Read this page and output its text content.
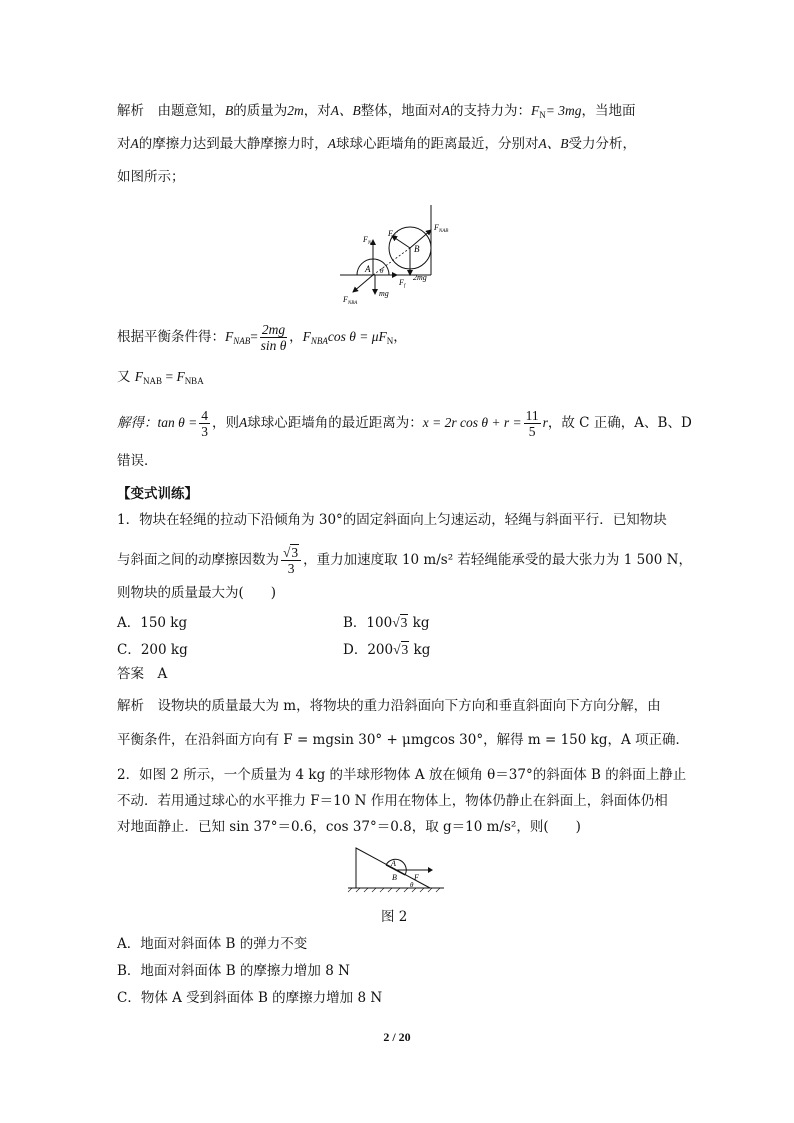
解析　由题意知，B的质量为2m，对A、B整体，地面对A的支持力为：$F_N= 3mg$，当地面
对A的摩擦力达到最大静摩擦力时，A球球心距墙角的距离最近，分别对A、B受力分析，
如图所示；
$F_N$
$F_N'$
$F_{NAB}$
$F_{NBA}$
A
B
θ
2mg
mg
$F_f$
根据平衡条件得：$F_{NAB}= \frac{2mg}{\text{sin θ}}$ ，$F_{NBA}\cos$ $\theta = \mu F_N$，
又 $F_{NAB} = F_{NBA}$
解得：$\tan \theta = \frac{4}{3}$ ，则A球球心距墙角的最近距离为：x = 2r $\cos \theta + r = \frac{11}{5}$ r，故 C 正确，A、B、D
错误．
【变式训练】
1．物块在轻绳的拉动下沿倾角为 30°的固定斜面向上匀速运动，轻绳与斜面平行．已知物块
与斜面之间的动摩擦因数为 $\frac{√3}{3}$ ，重力加速度取 10 m/s² 若轻绳能承受的最大张力为 1 500 N，
则物块的质量最大为(　　)
A．150 kg	B．100√3 kg
C．200 kg	D．200√3 kg
答案　A
解析　设物块的质量最大为 m，将物块的重力沿斜面向下方向和垂直斜面向下方向分解，由
平衡条件，在沿斜面方向有 F = mgsin 30° + μmgcos 30°，解得 m = 150 kg，A 项正确．
2．如图 2 所示，一个质量为 4 kg 的半球形物体 A 放在倾角 θ＝37°的斜面体 B 的斜面上静止
不动．若用通过球心的水平推力 F＝10 N 作用在物体上，物体仍静止在斜面上，斜面体仍相
对地面静止．已知 sin 37°＝0.6，cos 37°＝0.8，取 g＝10 m/s²，则(　　)
A
B F
θ
图 2
A．地面对斜面体 B 的弹力不变
B．地面对斜面体 B 的摩擦力增加 8 N
C．物体 A 受到斜面体 B 的摩擦力增加 8 N
2 / 20
